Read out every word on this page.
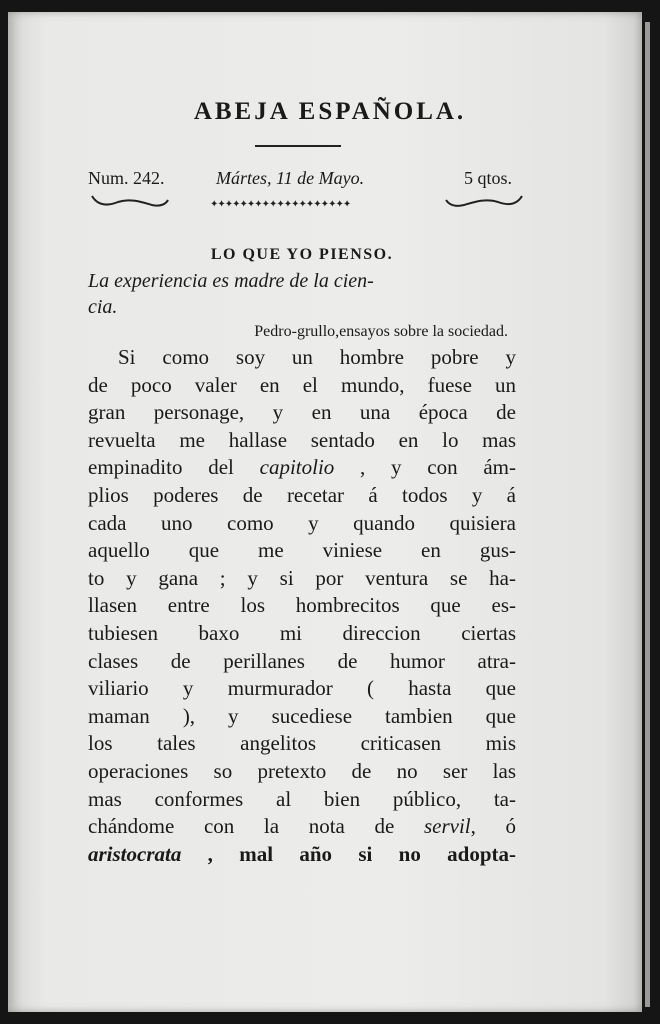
ABEJA ESPAÑOLA.
Num. 242.	Mártes, 11 de Mayo.	5 qtos.
✦✦✦✦✦✦✦✦✦✦✦✦✦✦✦✦✦✦✦
LO QUE YO PIENSO.
La experiencia es madre de la cien-
cia.
Pedro-grullo,ensayos sobre la sociedad.
Si como soy un hombre pobre y
de poco valer en el mundo, fuese un
gran personage, y en una época de
revuelta me hallase sentado en lo mas
empinadito del capitolio , y con ám-
plios poderes de recetar á todos y á
cada uno como y quando quisiera
aquello que me viniese en gus-
to y gana ; y si por ventura se ha-
llasen entre los hombrecitos que es-
tubiesen baxo mi direccion ciertas
clases de perillanes de humor atra-
viliario y murmurador ( hasta que
maman ), y sucediese tambien que
los tales angelitos criticasen mis
operaciones so pretexto de no ser las
mas conformes al bien público, ta-
chándome con la nota de servil, ó
aristocrata , mal año si no adopta-
